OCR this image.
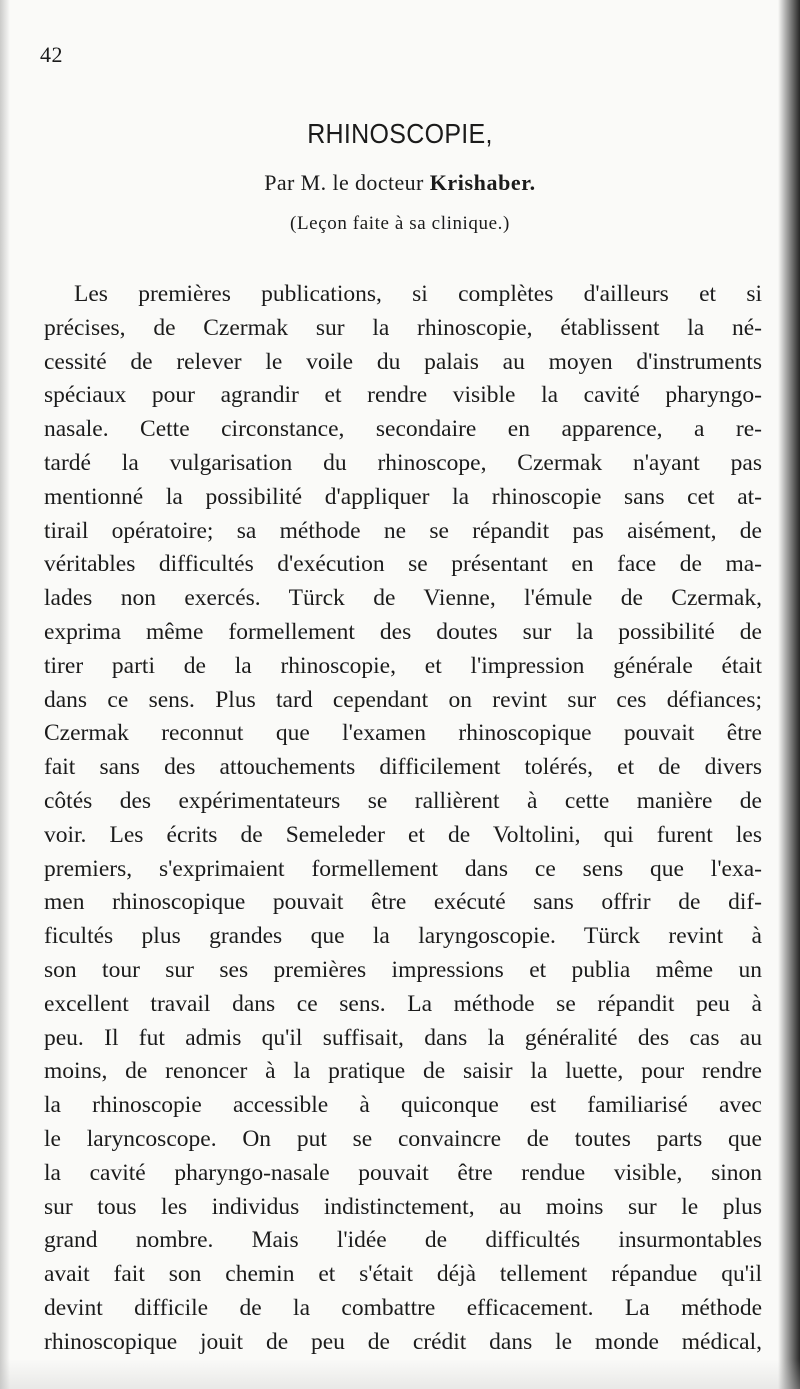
42
RHINOSCOPIE,
Par M. le docteur Krishaber.
(Leçon faite à sa clinique.)
Les premières publications, si complètes d'ailleurs et si
précises, de Czermak sur la rhinoscopie, établissent la né-
cessité de relever le voile du palais au moyen d'instruments
spéciaux pour agrandir et rendre visible la cavité pharyngo-
nasale. Cette circonstance, secondaire en apparence, a re-
tardé la vulgarisation du rhinoscope, Czermak n'ayant pas
mentionné la possibilité d'appliquer la rhinoscopie sans cet at-
tirail opératoire; sa méthode ne se répandit pas aisément, de
véritables difficultés d'exécution se présentant en face de ma-
lades non exercés. Türck de Vienne, l'émule de Czermak,
exprima même formellement des doutes sur la possibilité de
tirer parti de la rhinoscopie, et l'impression générale était
dans ce sens. Plus tard cependant on revint sur ces défiances;
Czermak reconnut que l'examen rhinoscopique pouvait être
fait sans des attouchements difficilement tolérés, et de divers
côtés des expérimentateurs se rallièrent à cette manière de
voir. Les écrits de Semeleder et de Voltolini, qui furent les
premiers, s'exprimaient formellement dans ce sens que l'exa-
men rhinoscopique pouvait être exécuté sans offrir de dif-
ficultés plus grandes que la laryngoscopie. Türck revint à
son tour sur ses premières impressions et publia même un
excellent travail dans ce sens. La méthode se répandit peu à
peu. Il fut admis qu'il suffisait, dans la généralité des cas au
moins, de renoncer à la pratique de saisir la luette, pour rendre
la rhinoscopie accessible à quiconque est familiarisé avec
le laryncoscope. On put se convaincre de toutes parts que
la cavité pharyngo-nasale pouvait être rendue visible, sinon
sur tous les individus indistinctement, au moins sur le plus
grand nombre. Mais l'idée de difficultés insurmontables
avait fait son chemin et s'était déjà tellement répandue qu'il
devint difficile de la combattre efficacement. La méthode
rhinoscopique jouit de peu de crédit dans le monde médical,
